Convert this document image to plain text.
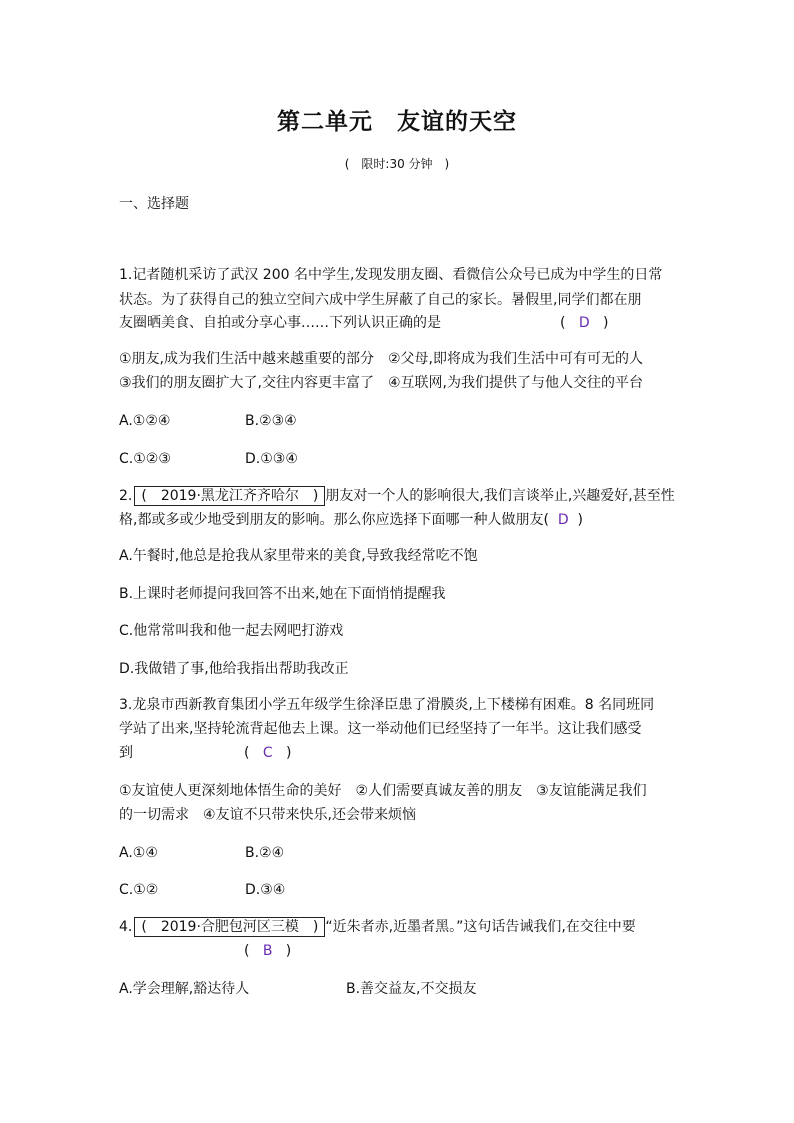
第二单元　友谊的天空
(　限时:30 分钟　)
一、选择题
1.记者随机采访了武汉 200 名中学生,发现发朋友圈、看微信公众号已成为中学生的日常
状态。为了获得自己的独立空间六成中学生屏蔽了自己的家长。暑假里,同学们都在朋
友圈晒美食、自拍或分享心事……下列认识正确的是	( D )
①朋友,成为我们生活中越来越重要的部分　②父母,即将成为我们生活中可有可无的人
③我们的朋友圈扩大了,交往内容更丰富了　④互联网,为我们提供了与他人交往的平台
A.①②④	B.②③④
C.①②③	D.①③④
2. (　2019·黑龙江齐齐哈尔　) 朋友对一个人的影响很大,我们言谈举止,兴趣爱好,甚至性
格,都或多或少地受到朋友的影响。那么你应选择下面哪一种人做朋友( D )
A.午餐时,他总是抢我从家里带来的美食,导致我经常吃不饱
B.上课时老师提问我回答不出来,她在下面悄悄提醒我
C.他常常叫我和他一起去网吧打游戏
D.我做错了事,他给我指出帮助我改正
3.龙泉市西新教育集团小学五年级学生徐泽臣患了滑膜炎,上下楼梯有困难。8 名同班同
学站了出来,坚持轮流背起他去上课。这一举动他们已经坚持了一年半。这让我们感受
到	( C )
①友谊使人更深刻地体悟生命的美好　②人们需要真诚友善的朋友　③友谊能满足我们
的一切需求　④友谊不只带来快乐,还会带来烦恼
A.①④	B.②④
C.①②	D.③④
4. (　2019·合肥包河区三模　) “近朱者赤,近墨者黑。”这句话告诫我们,在交往中要
( B )
A.学会理解,豁达待人	B.善交益友,不交损友
